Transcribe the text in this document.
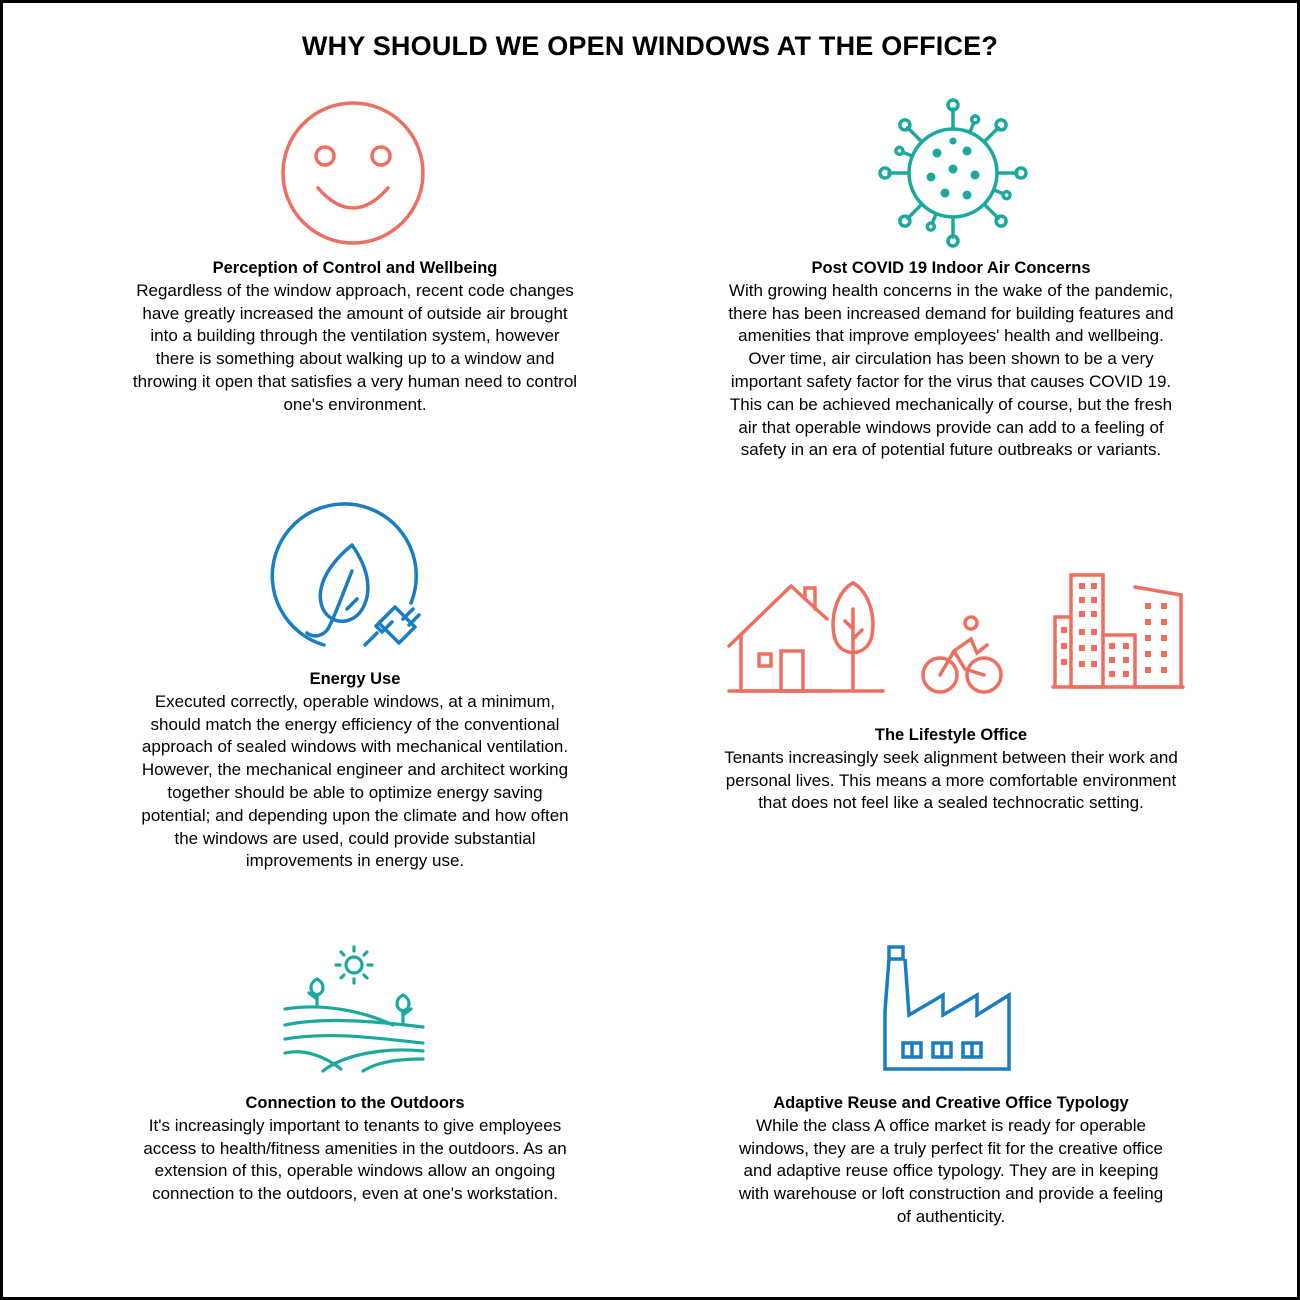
WHY SHOULD WE OPEN WINDOWS AT THE OFFICE?
Perception of Control and Wellbeing

Regardless of the window approach, recent code changes

have greatly increased the amount of outside air brought

into a building through the ventilation system, however

there is something about walking up to a window and

throwing it open that satisfies a very human need to control

one's environment.

Post COVID 19 Indoor Air Concerns

With growing health concerns in the wake of the pandemic,

there has been increased demand for building features and

amenities that improve employees' health and wellbeing.

Over time, air circulation has been shown to be a very

important safety factor for the virus that causes COVID 19.

This can be achieved mechanically of course, but the fresh

air that operable windows provide can add to a feeling of

safety in an era of potential future outbreaks or variants.

Energy Use

Executed correctly, operable windows, at a minimum,

should match the energy efficiency of the conventional

approach of sealed windows with mechanical ventilation.

However, the mechanical engineer and architect working

together should be able to optimize energy saving

potential; and depending upon the climate and how often

the windows are used, could provide substantial

improvements in energy use.

The Lifestyle Office

Tenants increasingly seek alignment between their work and

personal lives. This means a more comfortable environment

that does not feel like a sealed technocratic setting.

Connection to the Outdoors

It's increasingly important to tenants to give employees

access to health/fitness amenities in the outdoors. As an

extension of this, operable windows allow an ongoing

connection to the outdoors, even at one's workstation.

Adaptive Reuse and Creative Office Typology

While the class A office market is ready for operable

windows, they are a truly perfect fit for the creative office

and adaptive reuse office typology. They are in keeping

with warehouse or loft construction and provide a feeling

of authenticity.
